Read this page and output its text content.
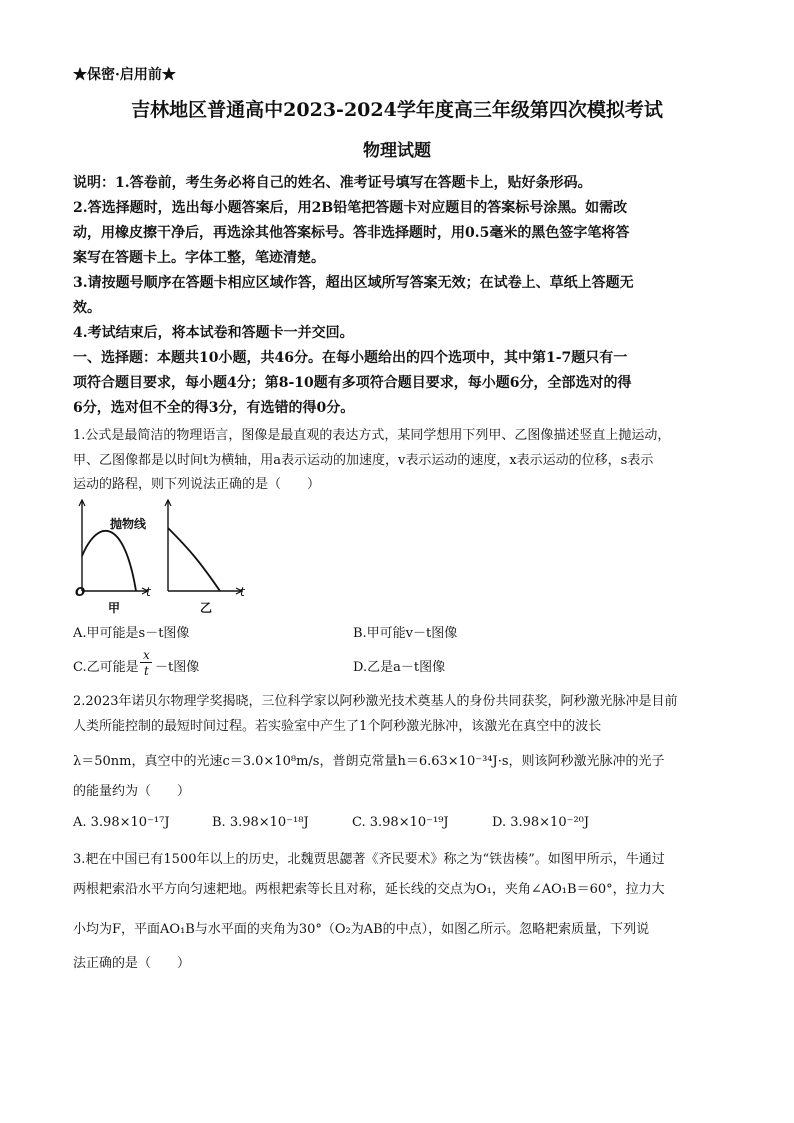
★保密·启用前★
吉林地区普通高中2023-2024学年度高三年级第四次模拟考试
物理试题
说明：1.答卷前，考生务必将自己的姓名、准考证号填写在答题卡上，贴好条形码。
2.答选择题时，选出每小题答案后，用2B铅笔把答题卡对应题目的答案标号涂黑。如需改
动，用橡皮擦干净后，再选涂其他答案标号。答非选择题时，用0.5毫米的黑色签字笔将答
案写在答题卡上。字体工整，笔迹清楚。
3.请按题号顺序在答题卡相应区域作答，超出区域所写答案无效；在试卷上、草纸上答题无
效。
4.考试结束后，将本试卷和答题卡一并交回。
一、选择题：本题共10小题，共46分。在每小题给出的四个选项中，其中第1-7题只有一
项符合题目要求，每小题4分；第8-10题有多项符合题目要求，每小题6分，全部选对的得
6分，选对但不全的得3分，有选错的得0分。
1.公式是最简洁的物理语言，图像是最直观的表达方式，某同学想用下列甲、乙图像描述竖直上抛运动，
甲、乙图像都是以时间t为横轴，用a表示运动的加速度，v表示运动的速度，x表示运动的位移，s表示
运动的路程，则下列说法正确的是（　　）
抛物线
O	t	t
甲	乙
A.甲可能是s－t图像	B.甲可能v－t图像
C.乙可能是
x
t －t图像	D.乙是a－t图像
2.2023年诺贝尔物理学奖揭晓，三位科学家以阿秒激光技术奠基人的身份共同获奖，阿秒激光脉冲是目前
人类所能控制的最短时间过程。若实验室中产生了1个阿秒激光脉冲，该激光在真空中的波长
λ＝50nm，真空中的光速c＝3.0×10⁸m/s，普朗克常量h＝6.63×10⁻³⁴J·s，则该阿秒激光脉冲的光子
的能量约为（　　）
A. 3.98×10⁻¹⁷J	B. 3.98×10⁻¹⁸J	C. 3.98×10⁻¹⁹J	D. 3.98×10⁻²⁰J
3.耙在中国已有1500年以上的历史，北魏贾思勰著《齐民要术》称之为“铁齿楱”。如图甲所示，牛通过
两根耙索沿水平方向匀速耙地。两根耙索等长且对称，延长线的交点为O₁，夹角∠AO₁B＝60°，拉力大
小均为F，平面AO₁B与水平面的夹角为30°（O₂为AB的中点），如图乙所示。忽略耙索质量，下列说
法正确的是（　　）
